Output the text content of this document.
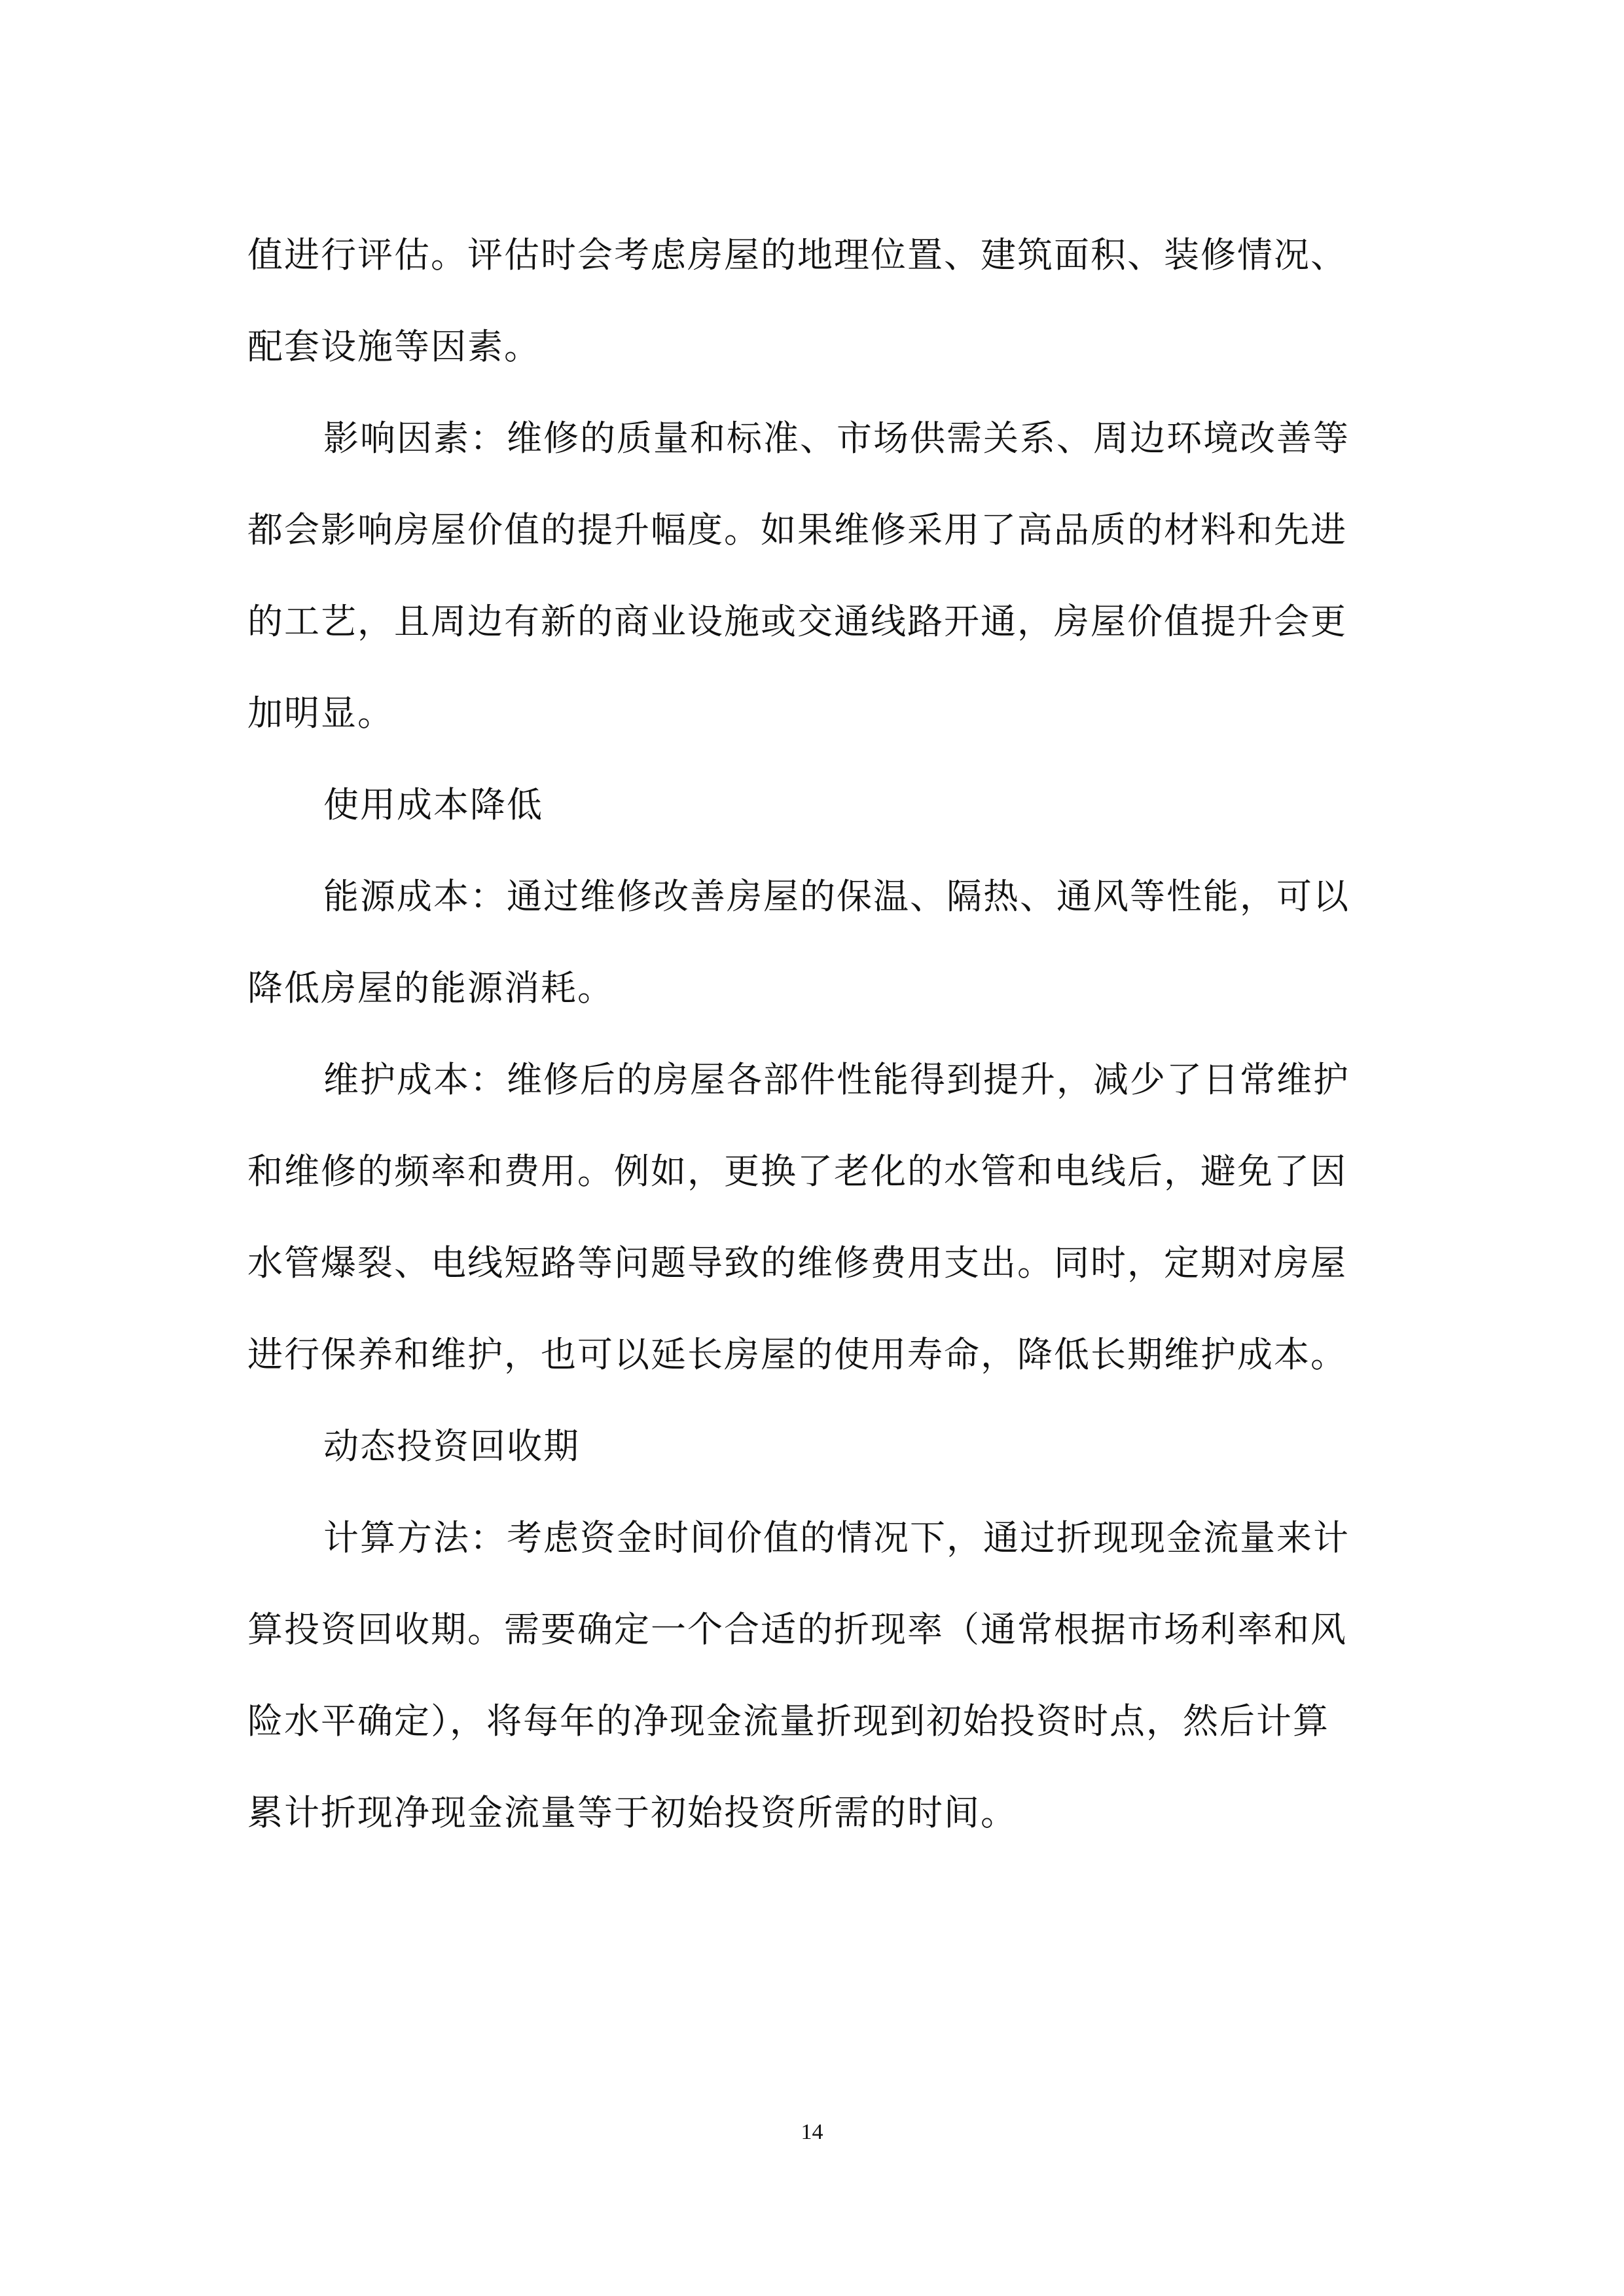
值进行评估。评估时会考虑房屋的地理位置、建筑面积、装修情况、
配套设施等因素。
影响因素：维修的质量和标准、市场供需关系、周边环境改善等
都会影响房屋价值的提升幅度。如果维修采用了高品质的材料和先进
的工艺，且周边有新的商业设施或交通线路开通，房屋价值提升会更
加明显。
使用成本降低
能源成本：通过维修改善房屋的保温、隔热、通风等性能，可以
降低房屋的能源消耗。
维护成本：维修后的房屋各部件性能得到提升，减少了日常维护
和维修的频率和费用。例如，更换了老化的水管和电线后，避免了因
水管爆裂、电线短路等问题导致的维修费用支出。同时，定期对房屋
进行保养和维护，也可以延长房屋的使用寿命，降低长期维护成本。
动态投资回收期
计算方法：考虑资金时间价值的情况下，通过折现现金流量来计
算投资回收期。需要确定一个合适的折现率（通常根据市场利率和风
险水平确定），将每年的净现金流量折现到初始投资时点，然后计算
累计折现净现金流量等于初始投资所需的时间。
14
